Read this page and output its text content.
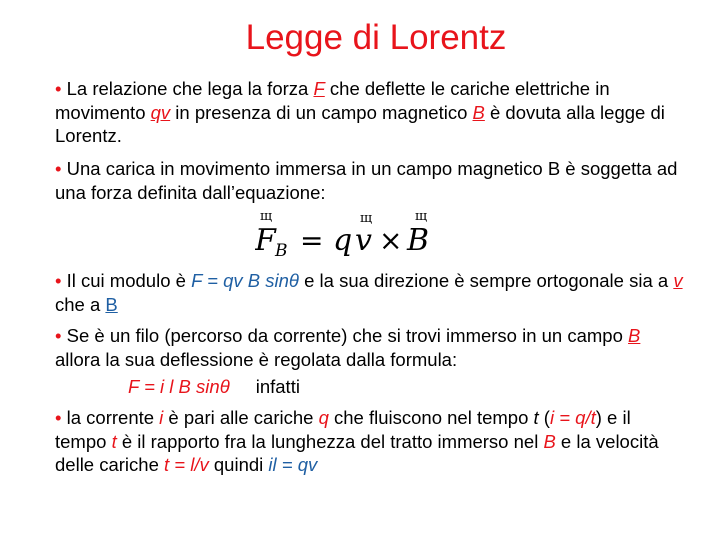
Legge di Lorentz
• La relazione che lega la forza F che deflette le cariche elettriche in movimento qv in presenza di un campo magnetico B è dovuta alla legge di Lorentz.
• Una carica in movimento immersa in un campo magnetico B è soggetta ad una forza definita dall’equazione:
щ	щ	щ
F B = q v × B
• Il cui modulo è F = qv B sinθ e la sua direzione è sempre ortogonale sia a v che a B
• Se è un filo (percorso da corrente) che si trovi immerso in un campo B allora la sua deflessione è regolata dalla formula:
F = i l B sinθ infatti
• la corrente i è pari alle cariche q che fluiscono nel tempo t (i = q/t) e il tempo t è il rapporto fra la lunghezza del tratto immerso nel B e la velocità delle cariche t = l/v quindi il = qv
